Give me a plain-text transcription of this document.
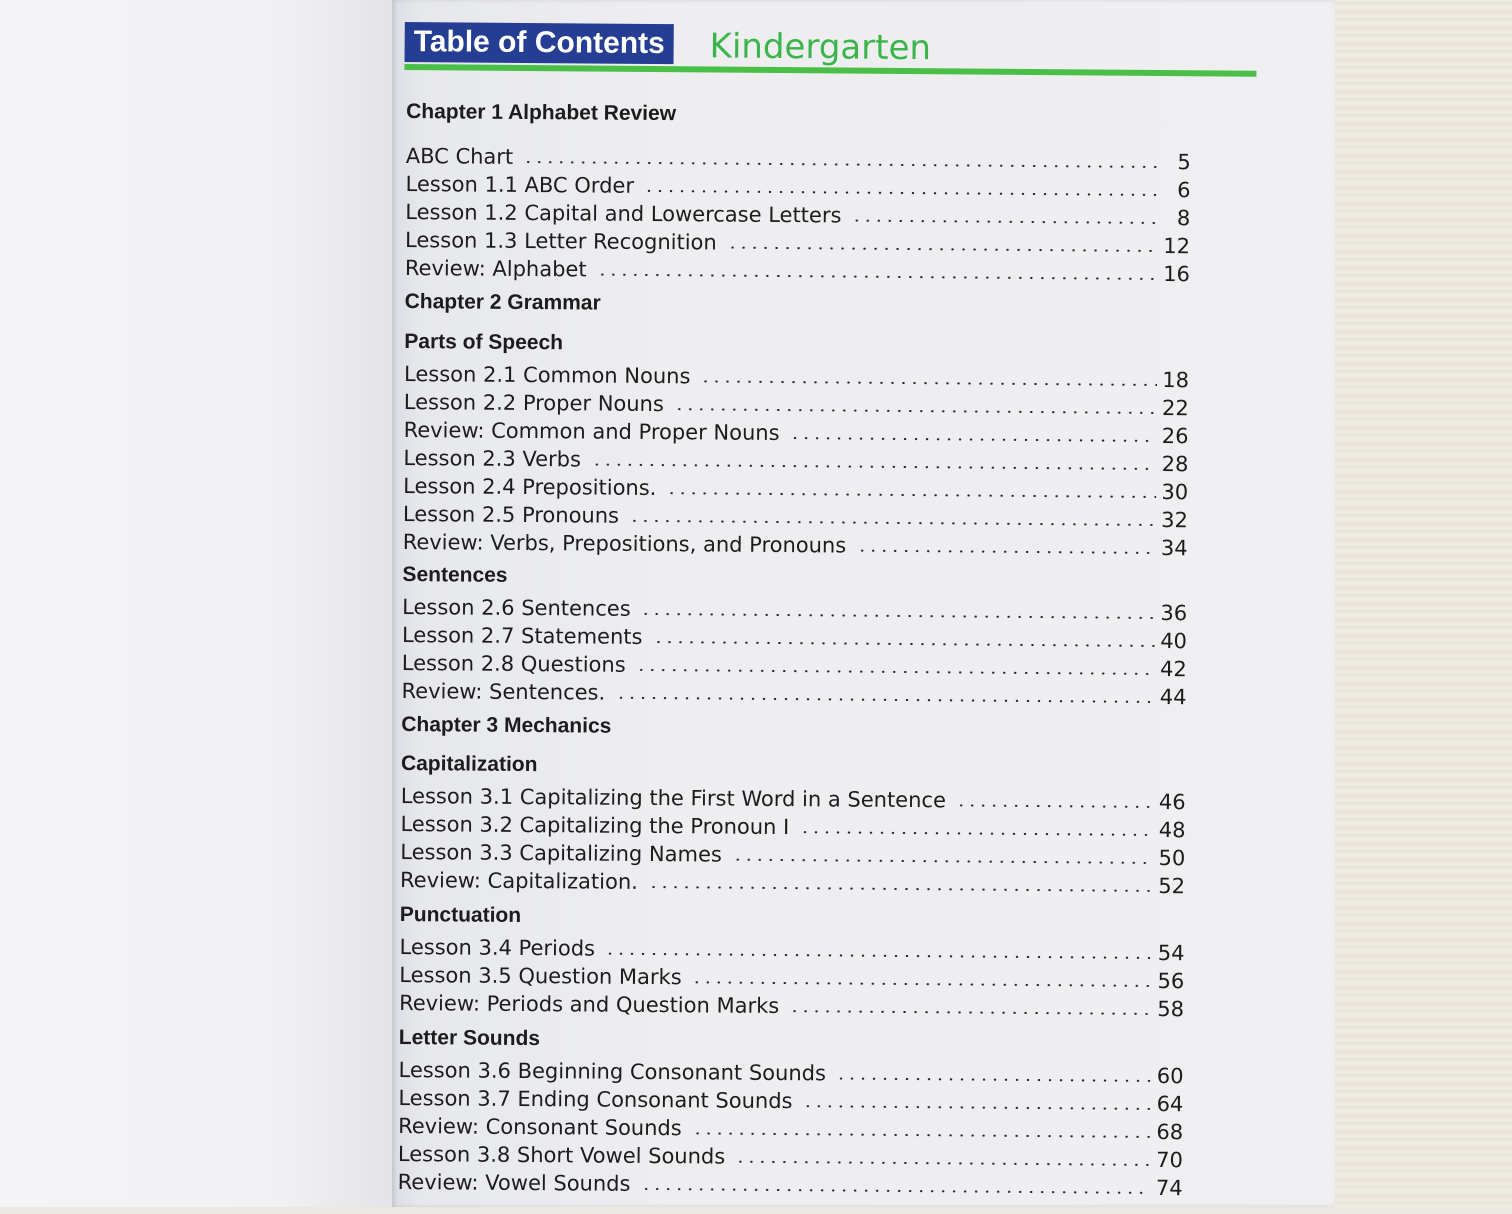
Table of Contents Kindergarten
Chapter 1 Alphabet Review
ABC Chart	5
Lesson 1.1 ABC Order	6
Lesson 1.2 Capital and Lowercase Letters	8
Lesson 1.3 Letter Recognition	12
Review: Alphabet	16
Chapter 2 Grammar
Parts of Speech
Lesson 2.1 Common Nouns	18
Lesson 2.2 Proper Nouns	22
Review: Common and Proper Nouns	26
Lesson 2.3 Verbs	28
Lesson 2.4 Prepositions.	30
Lesson 2.5 Pronouns	32
Review: Verbs, Prepositions, and Pronouns	34
Sentences
Lesson 2.6 Sentences	36
Lesson 2.7 Statements	40
Lesson 2.8 Questions	42
Review: Sentences.	44
Chapter 3 Mechanics
Capitalization
Lesson 3.1 Capitalizing the First Word in a Sentence	46
Lesson 3.2 Capitalizing the Pronoun I	48
Lesson 3.3 Capitalizing Names	50
Review: Capitalization.	52
Punctuation
Lesson 3.4 Periods	54
Lesson 3.5 Question Marks	56
Review: Periods and Question Marks	58
Letter Sounds
Lesson 3.6 Beginning Consonant Sounds	60
Lesson 3.7 Ending Consonant Sounds	64
Review: Consonant Sounds	68
Lesson 3.8 Short Vowel Sounds	70
Review: Vowel Sounds	74
